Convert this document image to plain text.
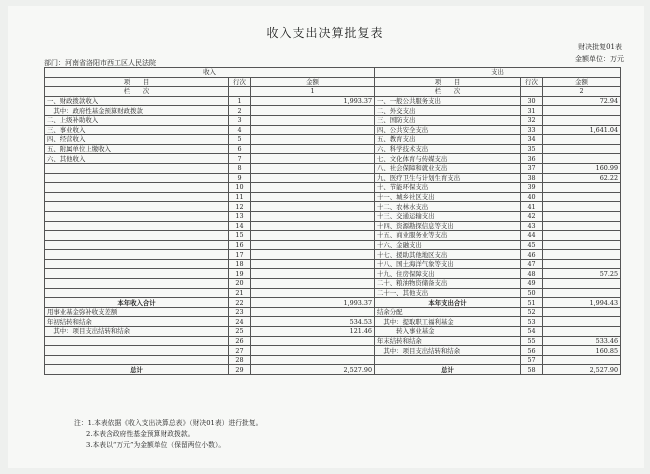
收入支出决算批复表
财决批复01表
金额单位：万元
部门：河南省洛阳市西工区人民法院
收入			支出		
项　　目	行次	金额	项　　目	行次	金额
栏　　次		1	栏　　次		2
一、财政拨款收入	1	1,993.37	一、一般公共服务支出	30	72.94
　其中：政府性基金预算财政拨款	2		二、外交支出	31	
二、上级补助收入	3		三、国防支出	32	
三、事业收入	4		四、公共安全支出	33	1,641.04
四、经营收入	5		五、教育支出	34	
五、附属单位上缴收入	6		六、科学技术支出	35	
六、其他收入	7		七、文化体育与传媒支出	36	
	8		八、社会保障和就业支出	37	160.99
	9		九、医疗卫生与计划生育支出	38	62.22
	10		十、节能环保支出	39	
	11		十一、城乡社区支出	40	
	12		十二、农林水支出	41	
	13		十三、交通运输支出	42	
	14		十四、资源勘探信息等支出	43	
	15		十五、商业服务业等支出	44	
	16		十六、金融支出	45	
	17		十七、援助其他地区支出	46	
	18		十八、国土海洋气象等支出	47	
	19		十九、住房保障支出	48	57.25
	20		二十、粮油物资储备支出	49	
	21		二十一、其他支出	50	
本年收入合计	22	1,993.37	本年支出合计	51	1,994.43
用事业基金弥补收支差额	23		结余分配	52	
年初结转和结余	24	534.53	　其中：提取职工福利基金	53	
　其中：项目支出结转和结余	25	121.46	　　　转入事业基金	54	
	26		年末结转和结余	55	533.46
	27		　其中：项目支出结转和结余	56	160.85
	28			57	
总计	29	2,527.90	总计	58	2,527.90
注：1.本表依据《收入支出决算总表》（财决01表）进行批复。
2.本表含政府性基金预算财政拨款。
3.本表以“万元”为金额单位（保留两位小数）。
